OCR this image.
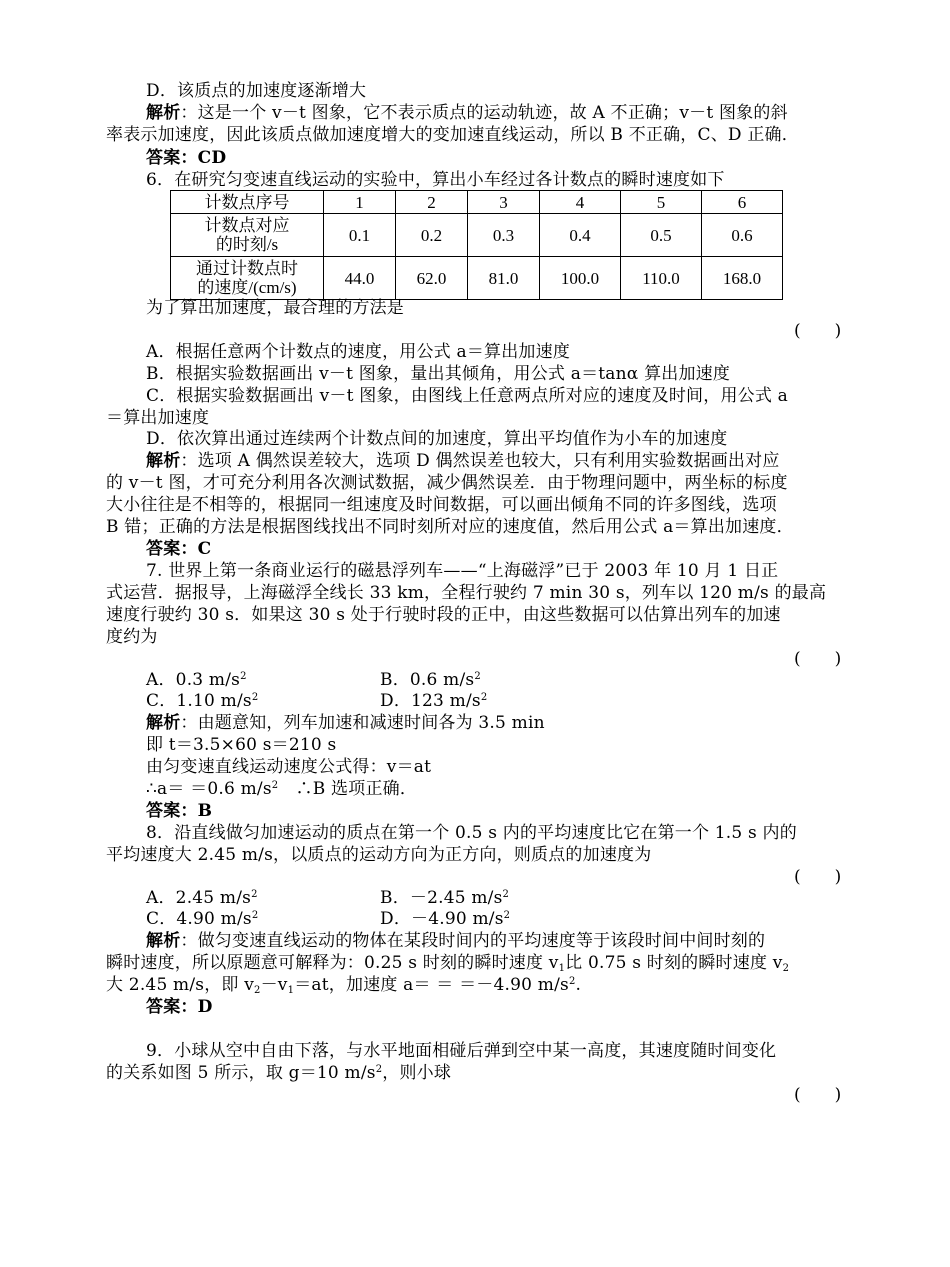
D．该质点的加速度逐渐增大
解析：这是一个 v－t 图象，它不表示质点的运动轨迹，故 A 不正确；v－t 图象的斜
率表示加速度，因此该质点做加速度增大的变加速直线运动，所以 B 不正确，C、D 正确．
答案：CD
6．在研究匀变速直线运动的实验中，算出小车经过各计数点的瞬时速度如下
计数点序号	1	2	3	4	5	6

计数点对应
的时刻/s	0.1	0.2	0.3	0.4	0.5	0.6

通过计数点时
的速度/(cm/s)	44.0	62.0	81.0	100.0	110.0	168.0
为了算出加速度，最合理的方法是
(　　)
A．根据任意两个计数点的速度，用公式 a＝算出加速度
B．根据实验数据画出 v－t 图象，量出其倾角，用公式 a＝tanα 算出加速度
C．根据实验数据画出 v－t 图象，由图线上任意两点所对应的速度及时间，用公式 a
＝算出加速度
D．依次算出通过连续两个计数点间的加速度，算出平均值作为小车的加速度
解析：选项 A 偶然误差较大，选项 D 偶然误差也较大，只有利用实验数据画出对应
的 v－t 图，才可充分利用各次测试数据，减少偶然误差．由于物理问题中，两坐标的标度
大小往往是不相等的，根据同一组速度及时间数据，可以画出倾角不同的许多图线，选项
B 错；正确的方法是根据图线找出不同时刻所对应的速度值，然后用公式 a＝算出加速度．
答案：C
7. 世界上第一条商业运行的磁悬浮列车——“上海磁浮”已于 2003 年 10 月 1 日正
式运营．据报导，上海磁浮全线长 33 km，全程行驶约 7 min 30 s，列车以 120 m/s 的最高
速度行驶约 30 s．如果这 30 s 处于行驶时段的正中，由这些数据可以估算出列车的加速
度约为
(　　)
A．0.3 $m/s^2$	B．0.6 $m/s^2$
C．1.10 $m/s^2$	D．123 $m/s^2$
解析：由题意知，列车加速和减速时间各为 3.5 min
即 t＝3.5×60 s＝210 s
由匀变速直线运动速度公式得：v＝at
∴a＝ ＝0.6 $m/s^2$　∴B 选项正确．
答案：B
8．沿直线做匀加速运动的质点在第一个 0.5 s 内的平均速度比它在第一个 1.5 s 内的
平均速度大 2.45 m/s，以质点的运动方向为正方向，则质点的加速度为
(　　)
A．2.45 $m/s^2$	B．－2.45 $m/s^2$
C．4.90 $m/s^2$	D．－4.90 $m/s^2$
解析：做匀变速直线运动的物体在某段时间内的平均速度等于该段时间中间时刻的
瞬时速度，所以原题意可解释为：0.25 s 时刻的瞬时速度 $v_1$比 0.75 s 时刻的瞬时速度 $v_2$
大 2.45 m/s，即 $v_2-v_1=at$，加速度 a＝ ＝ ＝－4.90 $m/s^2$.
答案：D
9．小球从空中自由下落，与水平地面相碰后弹到空中某一高度，其速度随时间变化
的关系如图 5 所示，取 g＝10 $m/s^2$，则小球
(　　)
